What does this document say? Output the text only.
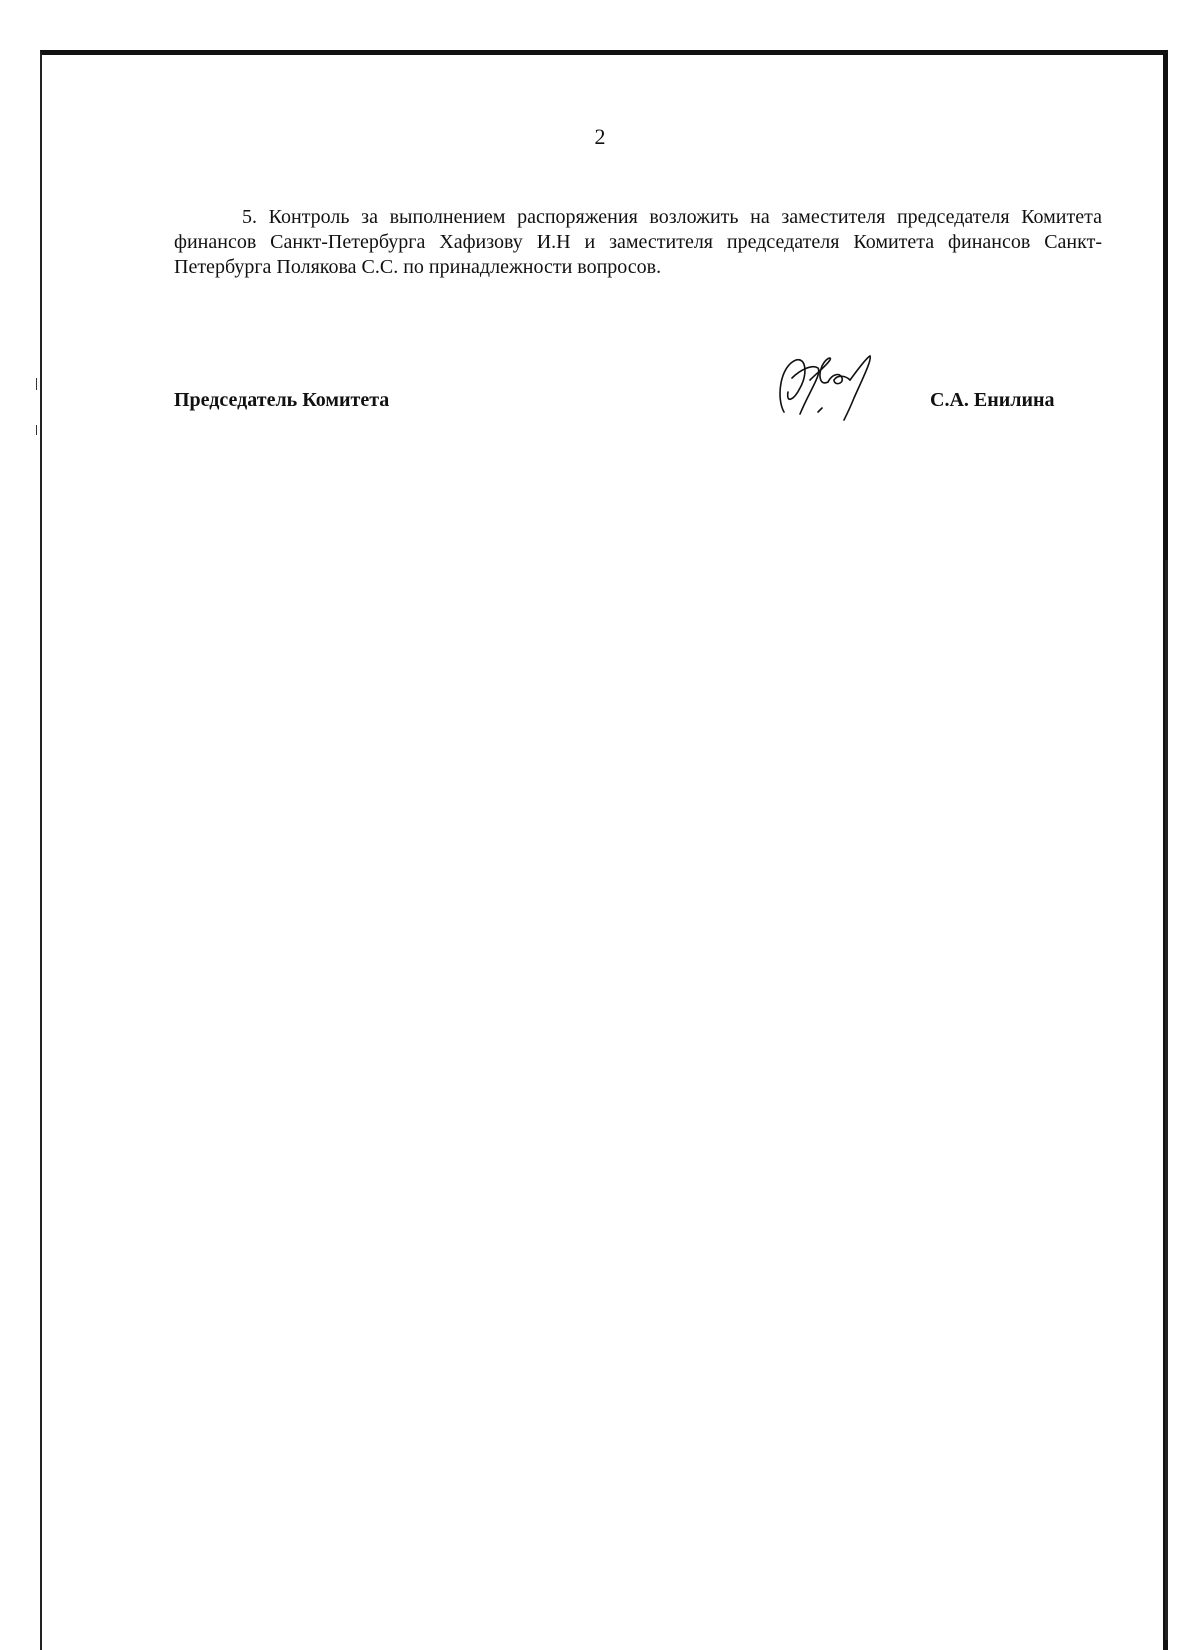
2

5. Контроль за выполнением распоряжения возложить на заместителя председателя Комитета финансов Санкт-Петербурга Хафизову И.Н и заместителя председателя Комитета финансов Санкт-Петербурга Полякова С.С. по принадлежности вопросов.

Председатель Комитета	С.А. Енилина
